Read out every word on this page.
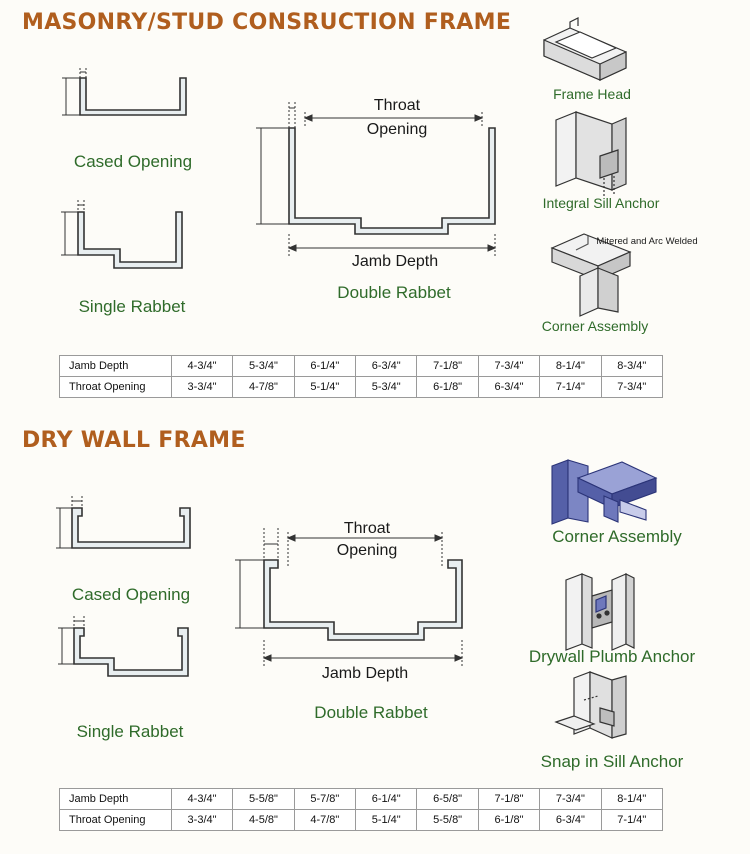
MASONRY/STUD CONSRUCTION FRAME
Cased Opening
Single Rabbet
Throat
Opening
Jamb Depth
Double Rabbet
Frame Head
Integral Sill Anchor
Mitered and Arc Welded
Corner Assembly
Jamb Depth	4-3/4"	5-3/4"	6-1/4"	6-3/4"	7-1/8"	7-3/4"	8-1/4"	8-3/4"
Throat Opening	3-3/4"	4-7/8"	5-1/4"	5-3/4"	6-1/8"	6-3/4"	7-1/4"	7-3/4"
DRY WALL FRAME
Cased Opening
Single Rabbet
Throat
Opening
Jamb Depth
Double Rabbet
Corner Assembly
Drywall Plumb Anchor
Snap in Sill Anchor
Jamb Depth	4-3/4"	5-5/8"	5-7/8"	6-1/4"	6-5/8"	7-1/8"	7-3/4"	8-1/4"
Throat Opening	3-3/4"	4-5/8"	4-7/8"	5-1/4"	5-5/8"	6-1/8"	6-3/4"	7-1/4"
